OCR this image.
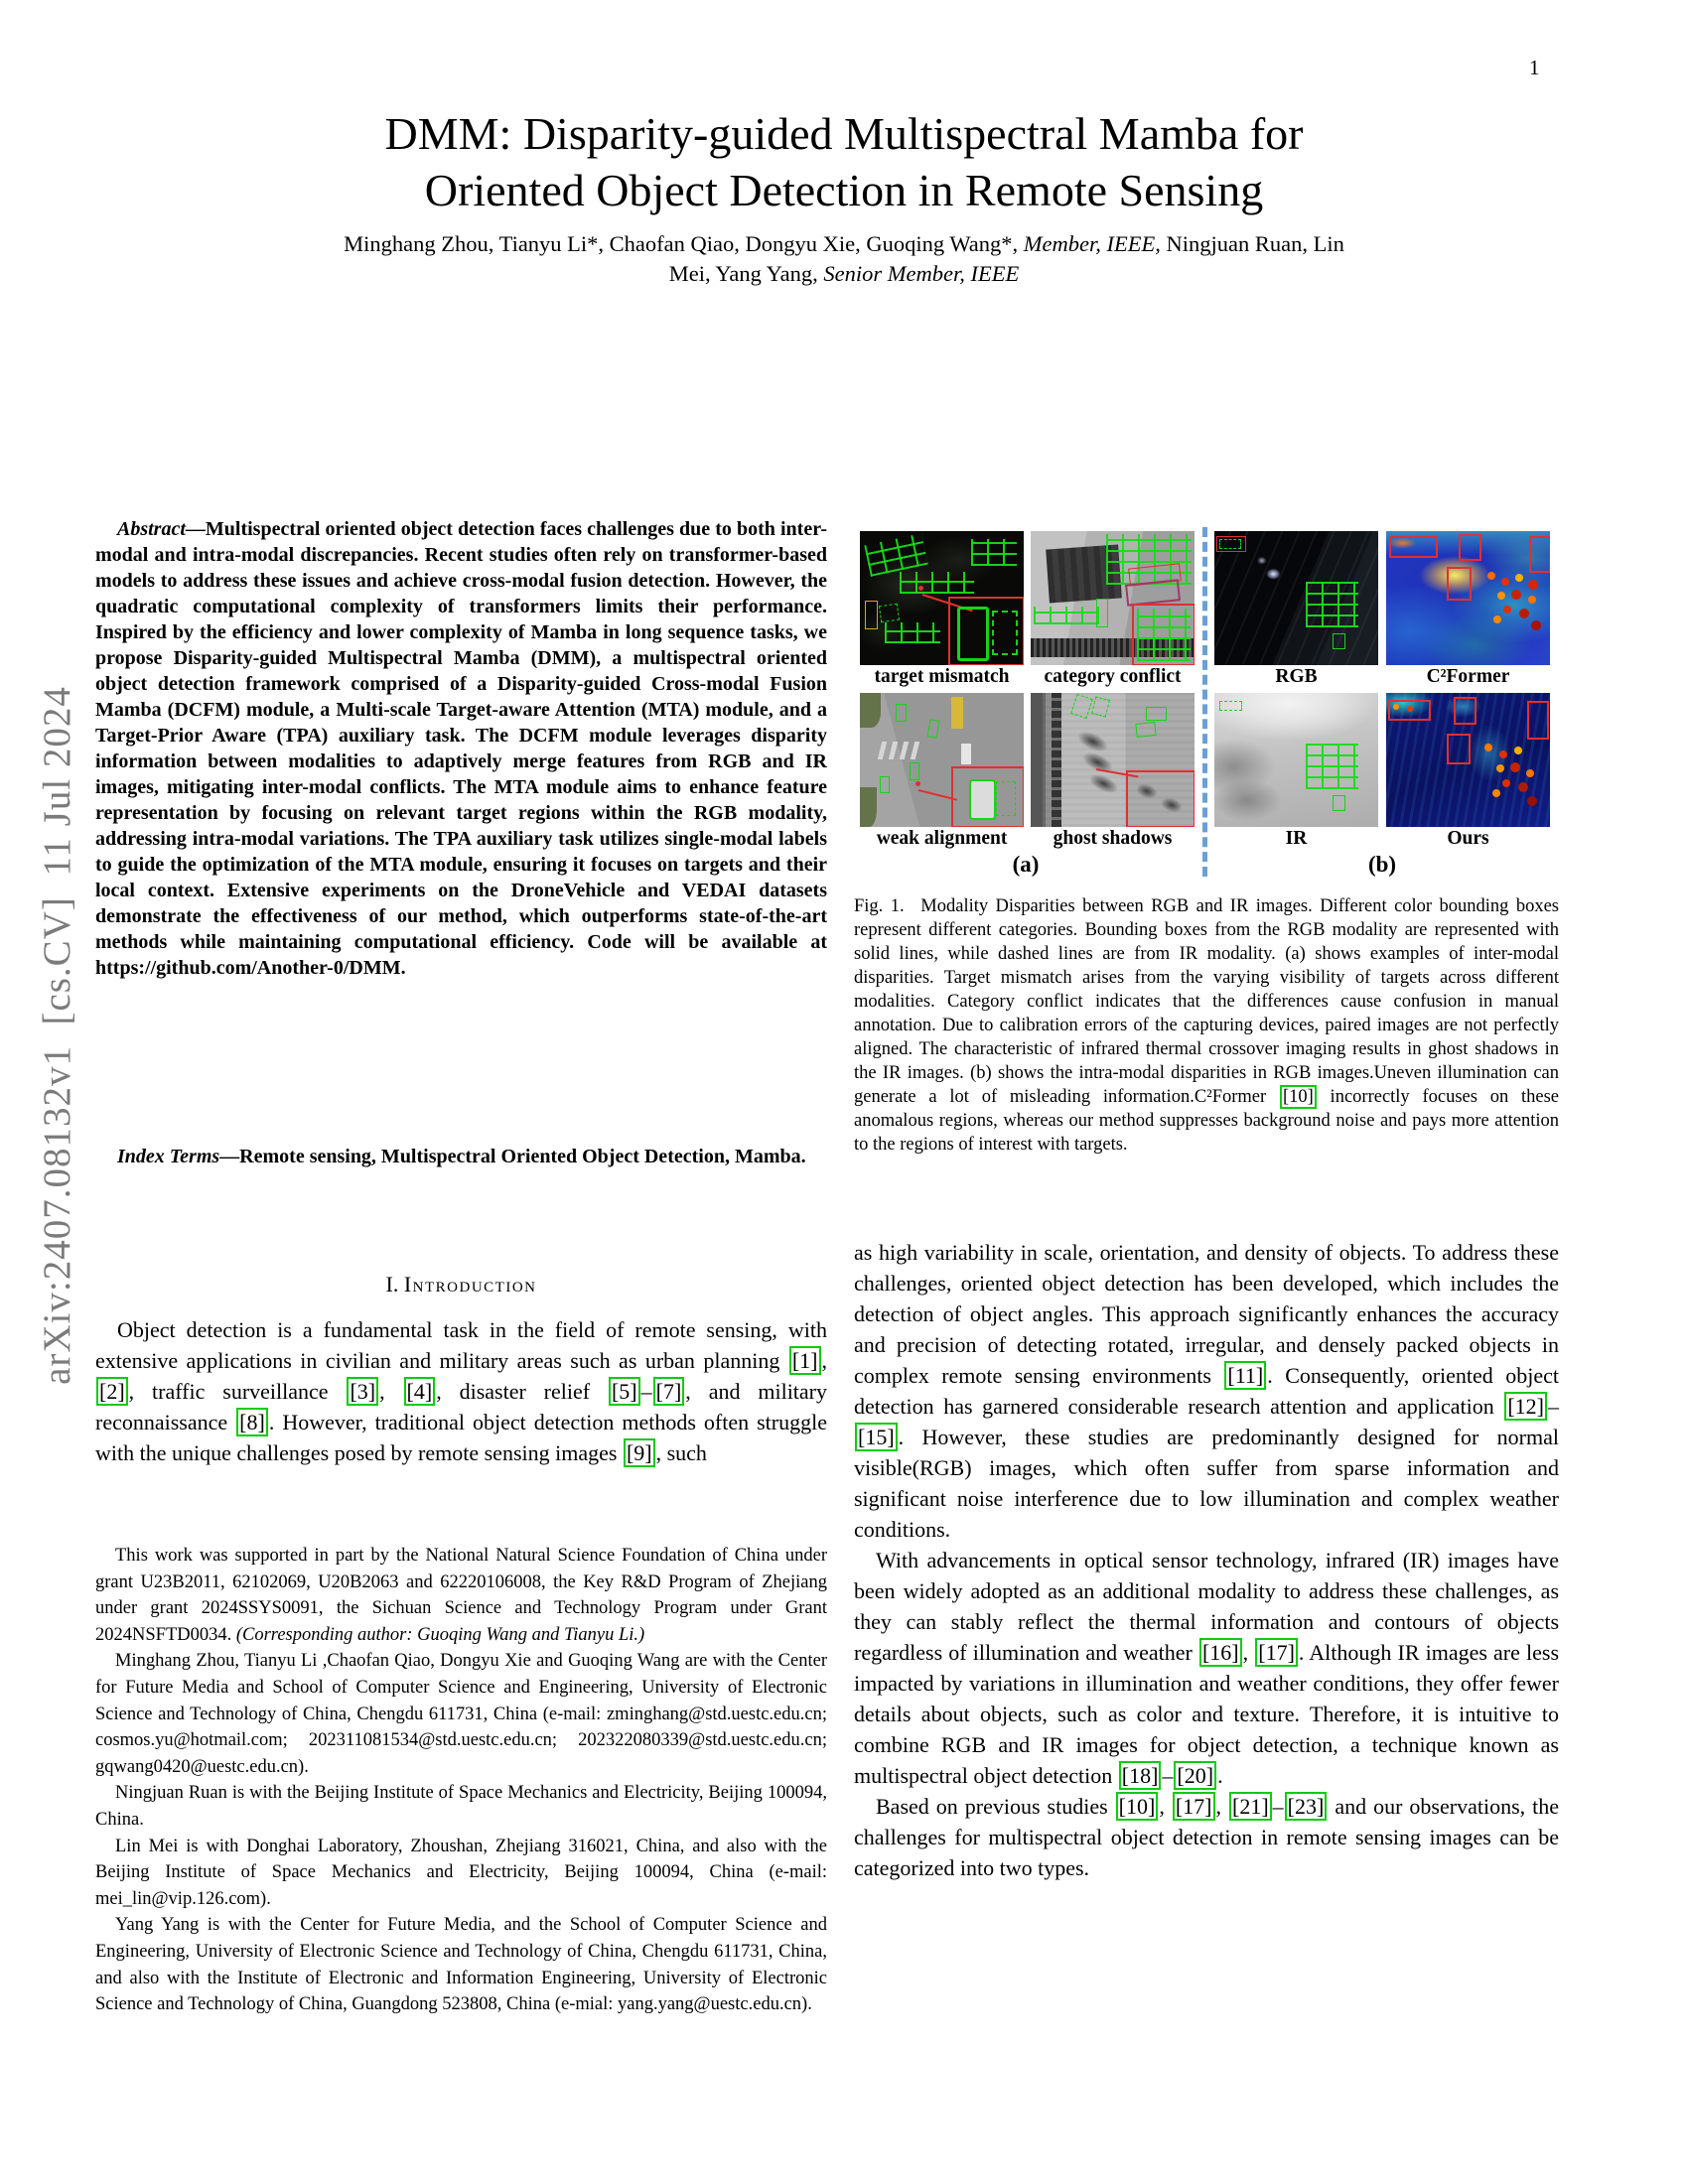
1
arXiv:2407.08132v1 [cs.CV] 11 Jul 2024
DMM: Disparity-guided Multispectral Mamba for
Oriented Object Detection in Remote Sensing
Minghang Zhou, Tianyu Li*, Chaofan Qiao, Dongyu Xie, Guoqing Wang*, Member, IEEE, Ningjuan Ruan, Lin
Mei, Yang Yang, Senior Member, IEEE

Abstract—Multispectral oriented object detection faces challenges due to both inter-modal and intra-modal discrepancies. Recent studies often rely on transformer-based models to address these issues and achieve cross-modal fusion detection. However, the quadratic computational complexity of transformers limits their performance. Inspired by the efficiency and lower complexity of Mamba in long sequence tasks, we propose Disparity-guided Multispectral Mamba (DMM), a multispectral oriented object detection framework comprised of a Disparity-guided Cross-modal Fusion Mamba (DCFM) module, a Multi-scale Target-aware Attention (MTA) module, and a Target-Prior Aware (TPA) auxiliary task. The DCFM module leverages disparity information between modalities to adaptively merge features from RGB and IR images, mitigating inter-modal conflicts. The MTA module aims to enhance feature representation by focusing on relevant target regions within the RGB modality, addressing intra-modal variations. The TPA auxiliary task utilizes single-modal labels to guide the optimization of the MTA module, ensuring it focuses on targets and their local context. Extensive experiments on the DroneVehicle and VEDAI datasets demonstrate the effectiveness of our method, which outperforms state-of-the-art methods while maintaining computational efficiency. Code will be available at https://github.com/Another-0/DMM.

Index Terms—Remote sensing, Multispectral Oriented Object Detection, Mamba.

I. Introduction

Object detection is a fundamental task in the field of remote sensing, with extensive applications in civilian and military areas such as urban planning [1] , [2] , traffic surveillance [3] , [4] , disaster relief [5] – [7] , and military reconnaissance [8] . However, traditional object detection methods often struggle with the unique challenges posed by remote sensing images [9] , such

This work was supported in part by the National Natural Science Foundation of China under grant U23B2011, 62102069, U20B2063 and 62220106008, the Key R&D Program of Zhejiang under grant 2024SSYS0091, the Sichuan Science and Technology Program under Grant 2024NSFTD0034. (Corresponding author: Guoqing Wang and Tianyu Li.)

Minghang Zhou, Tianyu Li ,Chaofan Qiao, Dongyu Xie and Guoqing Wang are with the Center for Future Media and School of Computer Science and Engineering, University of Electronic Science and Technology of China, Chengdu 611731, China (e-mail: zminghang@std.uestc.edu.cn; cosmos.yu@hotmail.com; 202311081534@std.uestc.edu.cn; 202322080339@std.uestc.edu.cn; gqwang0420@uestc.edu.cn).

Ningjuan Ruan is with the Beijing Institute of Space Mechanics and Electricity, Beijing 100094, China.

Lin Mei is with Donghai Laboratory, Zhoushan, Zhejiang 316021, China, and also with the Beijing Institute of Space Mechanics and Electricity, Beijing 100094, China (e-mail: mei_lin@vip.126.com).

Yang Yang is with the Center for Future Media, and the School of Computer Science and Engineering, University of Electronic Science and Technology of China, Chengdu 611731, China, and also with the Institute of Electronic and Information Engineering, University of Electronic Science and Technology of China, Guangdong 523808, China (e-mial: yang.yang@uestc.edu.cn).

target mismatch	category conflict	RGB	C²Former
weak alignment	ghost shadows	IR	Ours
(a)	(b)

Fig. 1.  Modality Disparities between RGB and IR images. Different color bounding boxes represent different categories. Bounding boxes from the RGB modality are represented with solid lines, while dashed lines are from IR modality. (a) shows examples of inter-modal disparities. Target mismatch arises from the varying visibility of targets across different modalities. Category conflict indicates that the differences cause confusion in manual annotation. Due to calibration errors of the capturing devices, paired images are not perfectly aligned. The characteristic of infrared thermal crossover imaging results in ghost shadows in the IR images. (b) shows the intra-modal disparities in RGB images.Uneven illumination can generate a lot of misleading information.C²Former [10] incorrectly focuses on these anomalous regions, whereas our method suppresses background noise and pays more attention to the regions of interest with targets.

as high variability in scale, orientation, and density of objects. To address these challenges, oriented object detection has been developed, which includes the detection of object angles. This approach significantly enhances the accuracy and precision of detecting rotated, irregular, and densely packed objects in complex remote sensing environments [11] . Consequently, oriented object detection has garnered considerable research attention and application [12] –[15] . However, these studies are predominantly designed for normal visible(RGB) images, which often suffer from sparse information and significant noise interference due to low illumination and complex weather conditions.

With advancements in optical sensor technology, infrared (IR) images have been widely adopted as an additional modality to address these challenges, as they can stably reflect the thermal information and contours of objects regardless of illumination and weather [16] , [17] . Although IR images are less impacted by variations in illumination and weather conditions, they offer fewer details about objects, such as color and texture. Therefore, it is intuitive to combine RGB and IR images for object detection, a technique known as multispectral object detection [18] – [20] .

Based on previous studies [10] , [17] , [21] – [23] and our observations, the challenges for multispectral object detection in remote sensing images can be categorized into two types.
